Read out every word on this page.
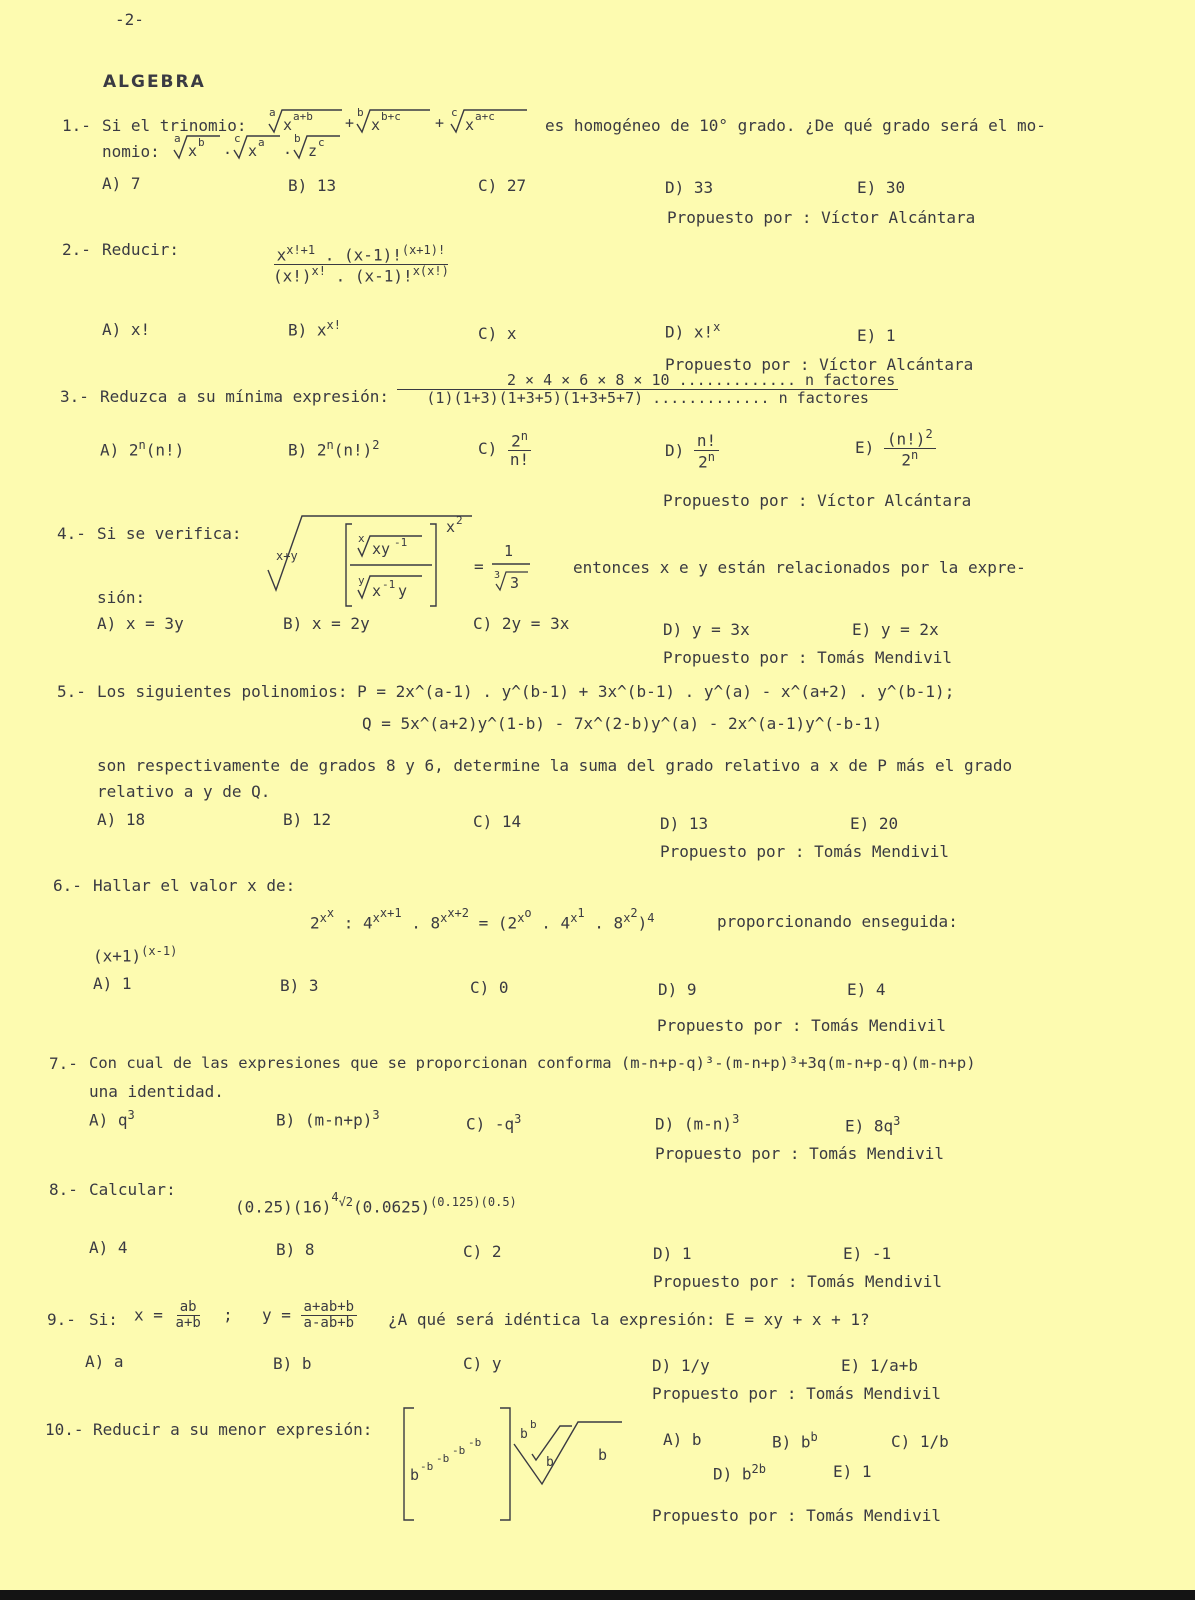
-2-
ALGEBRA
1.- Si el trinomio:
a
x a+b +
b
x b+c +
c
x a+c	es homogéneo de 10° grado. ¿De qué grado será el mo-
nomio:
a
x b .
c
x a .
b
z c
A) 7	B) 13	C) 27	D) 33	E) 30
Propuesto por : Víctor Alcántara
2.- Reducir:	$\frac{x^{x!+1} . (x-1)!^{(x+1)!}}{(x!)^{x!} . (x-1)!^{x(x!)}}$
A) x!	B) $x^{x!}$	C) x	D) x!$^x$	E) 1
Propuesto por : Víctor Alcántara
3.- Reduzca a su mínima expresión: $\frac{\text{2 × 4 × 6 × 8 × 10 ............. n factores}}{\text{(1)(1+3)(1+3+5)(1+3+5+7) ............. n factores}}$
A) 2$^n$(n!)	B) $2^n(n!)^2$	$C) \frac{2^n}{n!}$	$D) \frac{n!}{2^n}$	$E) \frac{(n!)^2}{2^n}$
Propuesto por : Víctor Alcántara
4.- Si se verifica:
x+y
x
xy -1
y
x -1 y
x 2
=
1
3 3
entonces x e y están relacionados por la expre-
sión:
A) x = 3y	B) x = 2y	C) 2y = 3x	D) y = 3x	E) y = 2x
Propuesto por : Tomás Mendivil
5.- Los siguientes polinomios: P = 2x^(a-1) . y^(b-1) + 3x^(b-1) . y^(a) - x^(a+2) . y^(b-1);
Q = 5x^(a+2)y^(1-b) - 7x^(2-b)y^(a) - 2x^(a-1)y^(-b-1)
son respectivamente de grados 8 y 6, determine la suma del grado relativo a x de P más el grado
relativo a y de Q.
A) 18	B) 12	C) 14	D) 13	E) 20
Propuesto por : Tomás Mendivil
6.- Hallar el valor x de:
2$^{x^x}$ : $4^{x^{x+1}}$ . $8^{x^{x+2}} = (2^{x^o}$ . $4^{x^1}$ . $8^{x^2})^4$	proporcionando enseguida:
$(x+1)^{(x-1)}$
A) 1	B) 3	C) 0	D) 9	E) 4
Propuesto por : Tomás Mendivil
7.- Con cual de las expresiones que se proporcionan conforma (m-n+p-q)³-(m-n+p)³+3q(m-n+p-q)(m-n+p)
una identidad.
A) $q^3$	B) $(m-n+p)^3$	C) $-q^3$	D) $(m-n)^3$	E) $8q^3$
Propuesto por : Tomás Mendivil
8.- Calcular:
$(0.25)(16)^{^4√2}(0.0625)^{(0.125)(0.5)}$
A) 4	B) 8	C) 2	D) 1	E) -1
Propuesto por : Tomás Mendivil
9.- Si: $x = \frac{ab}{a+b}$ ; $y = \frac{a+ab+b}{a-ab+b}$ ¿A qué será idéntica la expresión: E = xy + x + 1?
A) a	B) b	C) y	D) 1/y	E) 1/a+b
Propuesto por : Tomás Mendivil
10.- Reducir a su menor expresión:
b -b
-b
-b
-b
b
b
b	b
A) b	B) $b^b$	C) 1/b
D) $b^{2b}$	E) 1
Propuesto por : Tomás Mendivil
